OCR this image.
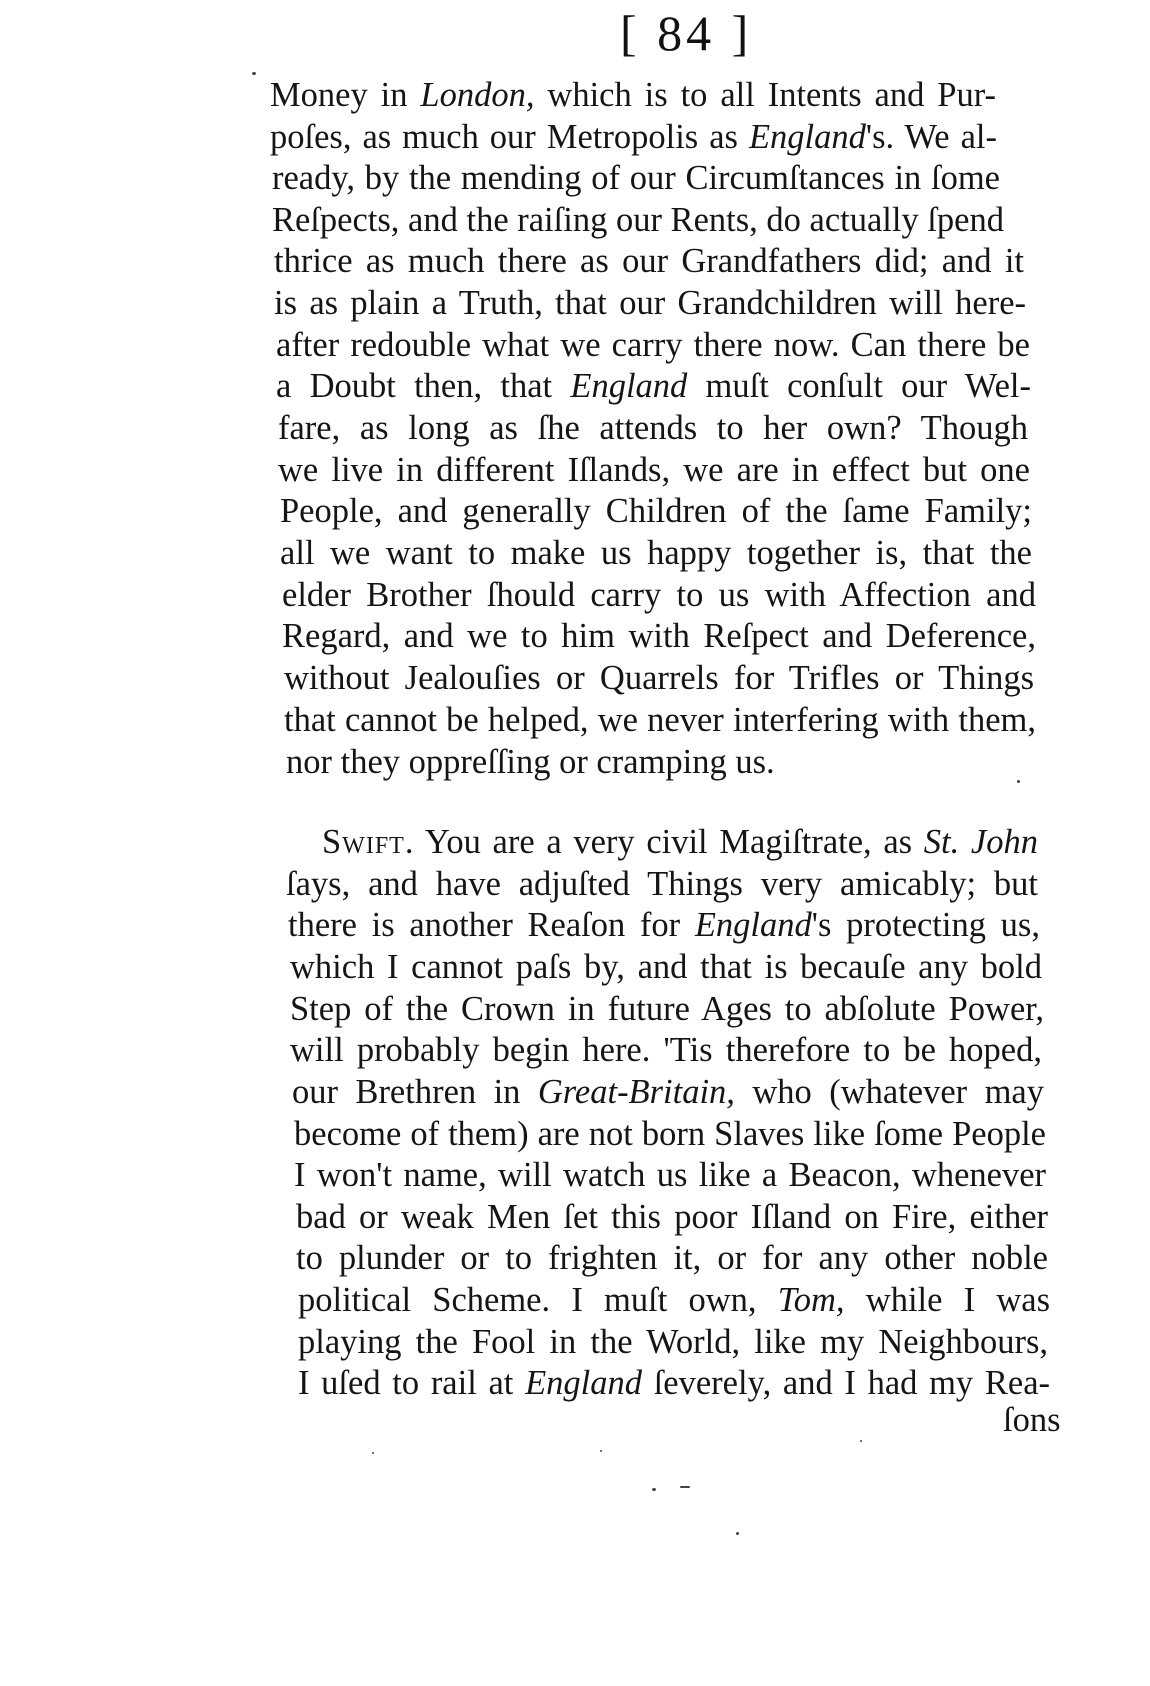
[ 84 ]
Money in London, which is to all Intents and Pur-
poſes, as much our Metropolis as England's. We al-
ready, by the mending of our Circumſtances in ſome
Reſpects, and the raiſing our Rents, do actually ſpend
thrice as much there as our Grandfathers did; and it
is as plain a Truth, that our Grandchildren will here-
after redouble what we carry there now. Can there be
a Doubt then, that England muſt conſult our Wel-
fare, as long as ſhe attends to her own? Though
we live in different Iſlands, we are in effect but one
People, and generally Children of the ſame Family;
all we want to make us happy together is, that the
elder Brother ſhould carry to us with Affection and
Regard, and we to him with Reſpect and Deference,
without Jealouſies or Quarrels for Trifles or Things
that cannot be helped, we never interfering with them,
nor they oppreſſing or cramping us.
Swift. You are a very civil Magiſtrate, as St. John
ſays, and have adjuſted Things very amicably; but
there is another Reaſon for England's protecting us,
which I cannot paſs by, and that is becauſe any bold
Step of the Crown in future Ages to abſolute Power,
will probably begin here. 'Tis therefore to be hoped,
our Brethren in Great-Britain, who (whatever may
become of them) are not born Slaves like ſome People
I won't name, will watch us like a Beacon, whenever
bad or weak Men ſet this poor Iſland on Fire, either
to plunder or to frighten it, or for any other noble
political Scheme. I muſt own, Tom, while I was
playing the Fool in the World, like my Neighbours,
I uſed to rail at England ſeverely, and I had my Rea-
ſons
